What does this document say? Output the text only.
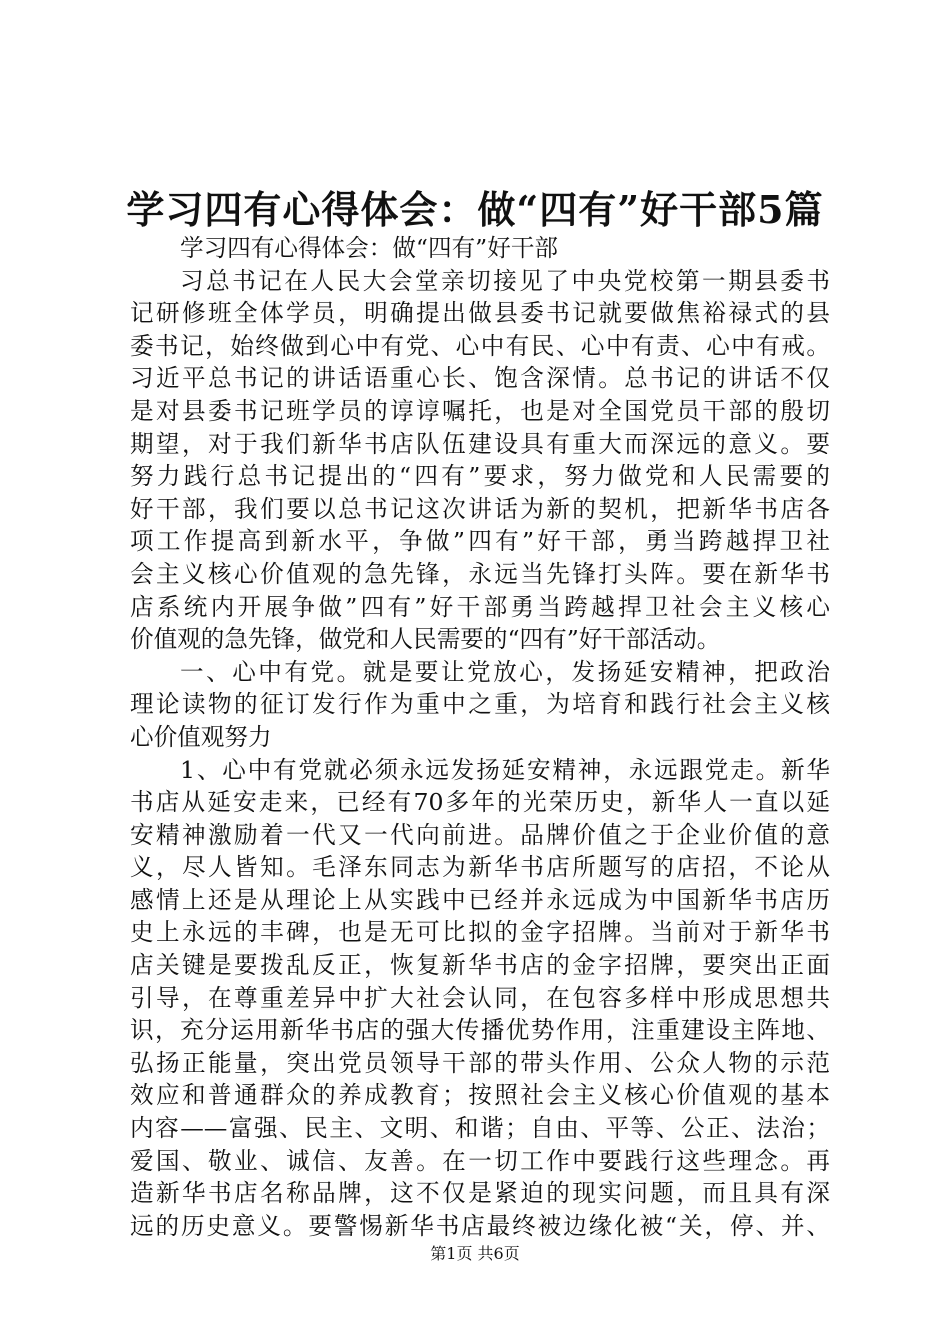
学习四有心得体会：做“四有”好干部5篇
学习四有心得体会：做“四有”好干部
习总书记在人民大会堂亲切接见了中央党校第一期县委书
记研修班全体学员，明确提出做县委书记就要做焦裕禄式的县
委书记，始终做到心中有党、心中有民、心中有责、心中有戒。
习近平总书记的讲话语重心长、饱含深情。总书记的讲话不仅
是对县委书记班学员的谆谆嘱托，也是对全国党员干部的殷切
期望，对于我们新华书店队伍建设具有重大而深远的意义。要
努力践行总书记提出的“四有”要求，努力做党和人民需要的
好干部，我们要以总书记这次讲话为新的契机，把新华书店各
项工作提高到新水平，争做”四有”好干部，勇当跨越捍卫社
会主义核心价值观的急先锋，永远当先锋打头阵。要在新华书
店系统内开展争做”四有”好干部勇当跨越捍卫社会主义核心
价值观的急先锋，做党和人民需要的“四有”好干部活动。
一、心中有党。就是要让党放心，发扬延安精神，把政治
理论读物的征订发行作为重中之重，为培育和践行社会主义核
心价值观努力
1、心中有党就必须永远发扬延安精神，永远跟党走。新华
书店从延安走来，已经有70多年的光荣历史，新华人一直以延
安精神激励着一代又一代向前进。品牌价值之于企业价值的意
义，尽人皆知。毛泽东同志为新华书店所题写的店招，不论从
感情上还是从理论上从实践中已经并永远成为中国新华书店历
史上永远的丰碑，也是无可比拟的金字招牌。当前对于新华书
店关键是要拨乱反正，恢复新华书店的金字招牌，要突出正面
引导，在尊重差异中扩大社会认同，在包容多样中形成思想共
识，充分运用新华书店的强大传播优势作用，注重建设主阵地、
弘扬正能量，突出党员领导干部的带头作用、公众人物的示范
效应和普通群众的养成教育；按照社会主义核心价值观的基本
内容——富强、民主、文明、和谐；自由、平等、公正、法治；
爱国、敬业、诚信、友善。在一切工作中要践行这些理念。再
造新华书店名称品牌，这不仅是紧迫的现实问题，而且具有深
远的历史意义。要警惕新华书店最终被边缘化被“关，停、并、
第1页 共6页
